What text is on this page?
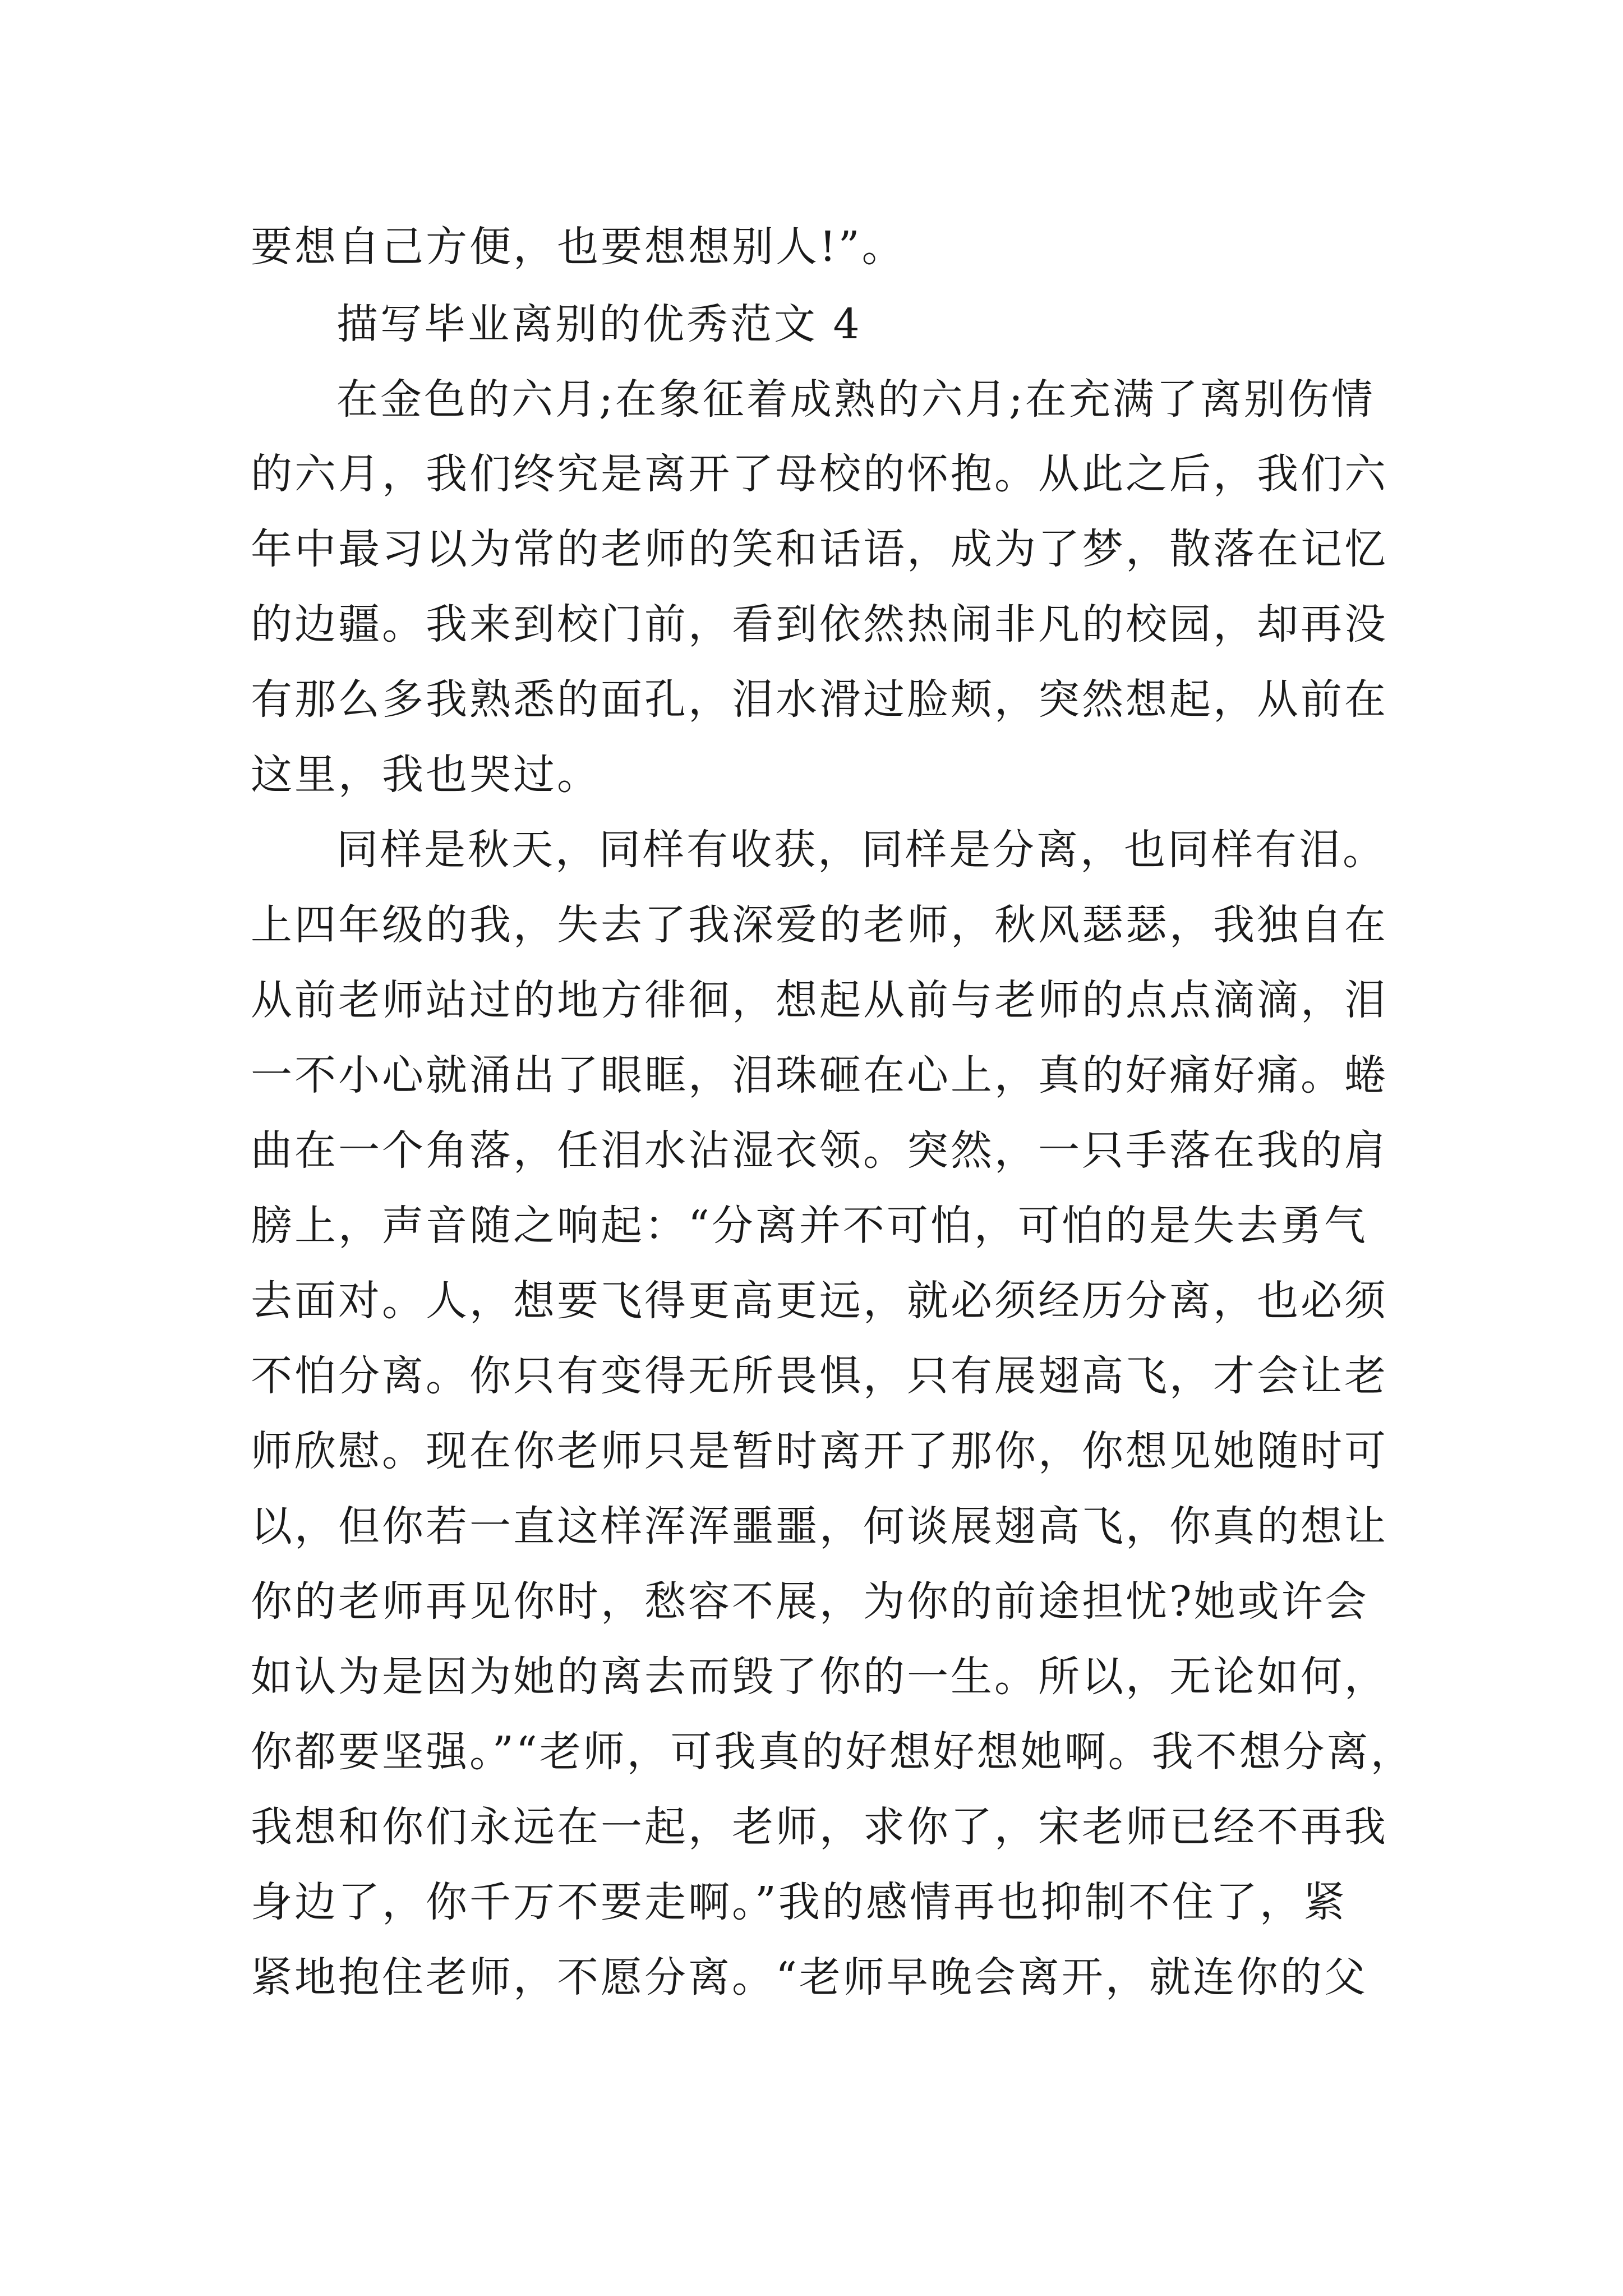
要想自己方便，也要想想别人!”。

描写毕业离别的优秀范文 4

在金色的六月;在象征着成熟的六月;在充满了离别伤情

的六月，我们终究是离开了母校的怀抱。从此之后，我们六

年中最习以为常的老师的笑和话语，成为了梦，散落在记忆

的边疆。我来到校门前，看到依然热闹非凡的校园，却再没

有那么多我熟悉的面孔，泪水滑过脸颊，突然想起，从前在

这里，我也哭过。

同样是秋天，同样有收获，同样是分离，也同样有泪。

上四年级的我，失去了我深爱的老师，秋风瑟瑟，我独自在

从前老师站过的地方徘徊，想起从前与老师的点点滴滴，泪

一不小心就涌出了眼眶，泪珠砸在心上，真的好痛好痛。蜷

曲在一个角落，任泪水沾湿衣领。突然，一只手落在我的肩

膀上，声音随之响起：“分离并不可怕，可怕的是失去勇气

去面对。人，想要飞得更高更远，就必须经历分离，也必须

不怕分离。你只有变得无所畏惧，只有展翅高飞，才会让老

师欣慰。现在你老师只是暂时离开了那你，你想见她随时可

以，但你若一直这样浑浑噩噩，何谈展翅高飞，你真的想让

你的老师再见你时，愁容不展，为你的前途担忧?她或许会

如认为是因为她的离去而毁了你的一生。所以，无论如何，

你都要坚强。”“老师，可我真的好想好想她啊。我不想分离，

我想和你们永远在一起，老师，求你了，宋老师已经不再我

身边了，你千万不要走啊。”我的感情再也抑制不住了，紧

紧地抱住老师，不愿分离。“老师早晚会离开，就连你的父
